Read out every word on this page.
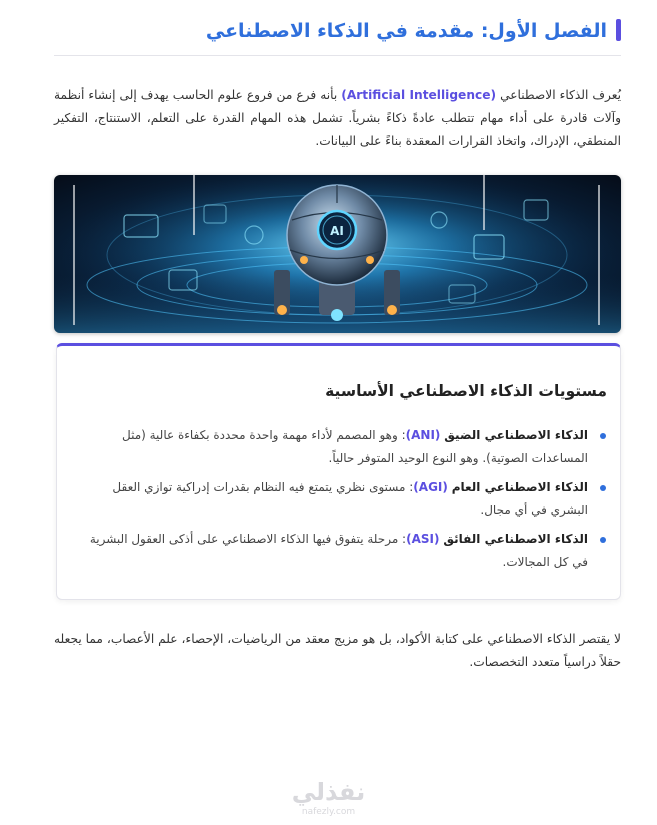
الفصل الأول: مقدمة في الذكاء الاصطناعي

يُعرف الذكاء الاصطناعي (Artificial Intelligence) بأنه فرع من فروع علوم الحاسب يهدف إلى إنشاء أنظمة وآلات قادرة على أداء مهام تتطلب عادةً ذكاءً بشرياً. تشمل هذه المهام القدرة على التعلم، الاستنتاج، التفكير المنطقي، الإدراك، واتخاذ القرارات المعقدة بناءً على البيانات.

AI
مستويات الذكاء الاصطناعي الأساسية
الذكاء الاصطناعي الضيق (ANI): وهو المصمم لأداء مهمة واحدة محددة بكفاءة عالية (مثل المساعدات الصوتية). وهو النوع الوحيد المتوفر حالياً.
الذكاء الاصطناعي العام (AGI): مستوى نظري يتمتع فيه النظام بقدرات إدراكية توازي العقل البشري في أي مجال.
الذكاء الاصطناعي الفائق (ASI): مرحلة يتفوق فيها الذكاء الاصطناعي على أذكى العقول البشرية في كل المجالات.

لا يقتصر الذكاء الاصطناعي على كتابة الأكواد، بل هو مزيج معقد من الرياضيات، الإحصاء، علم الأعصاب، مما يجعله حقلاً دراسياً متعدد التخصصات.

نفذلي
nafezly.com
